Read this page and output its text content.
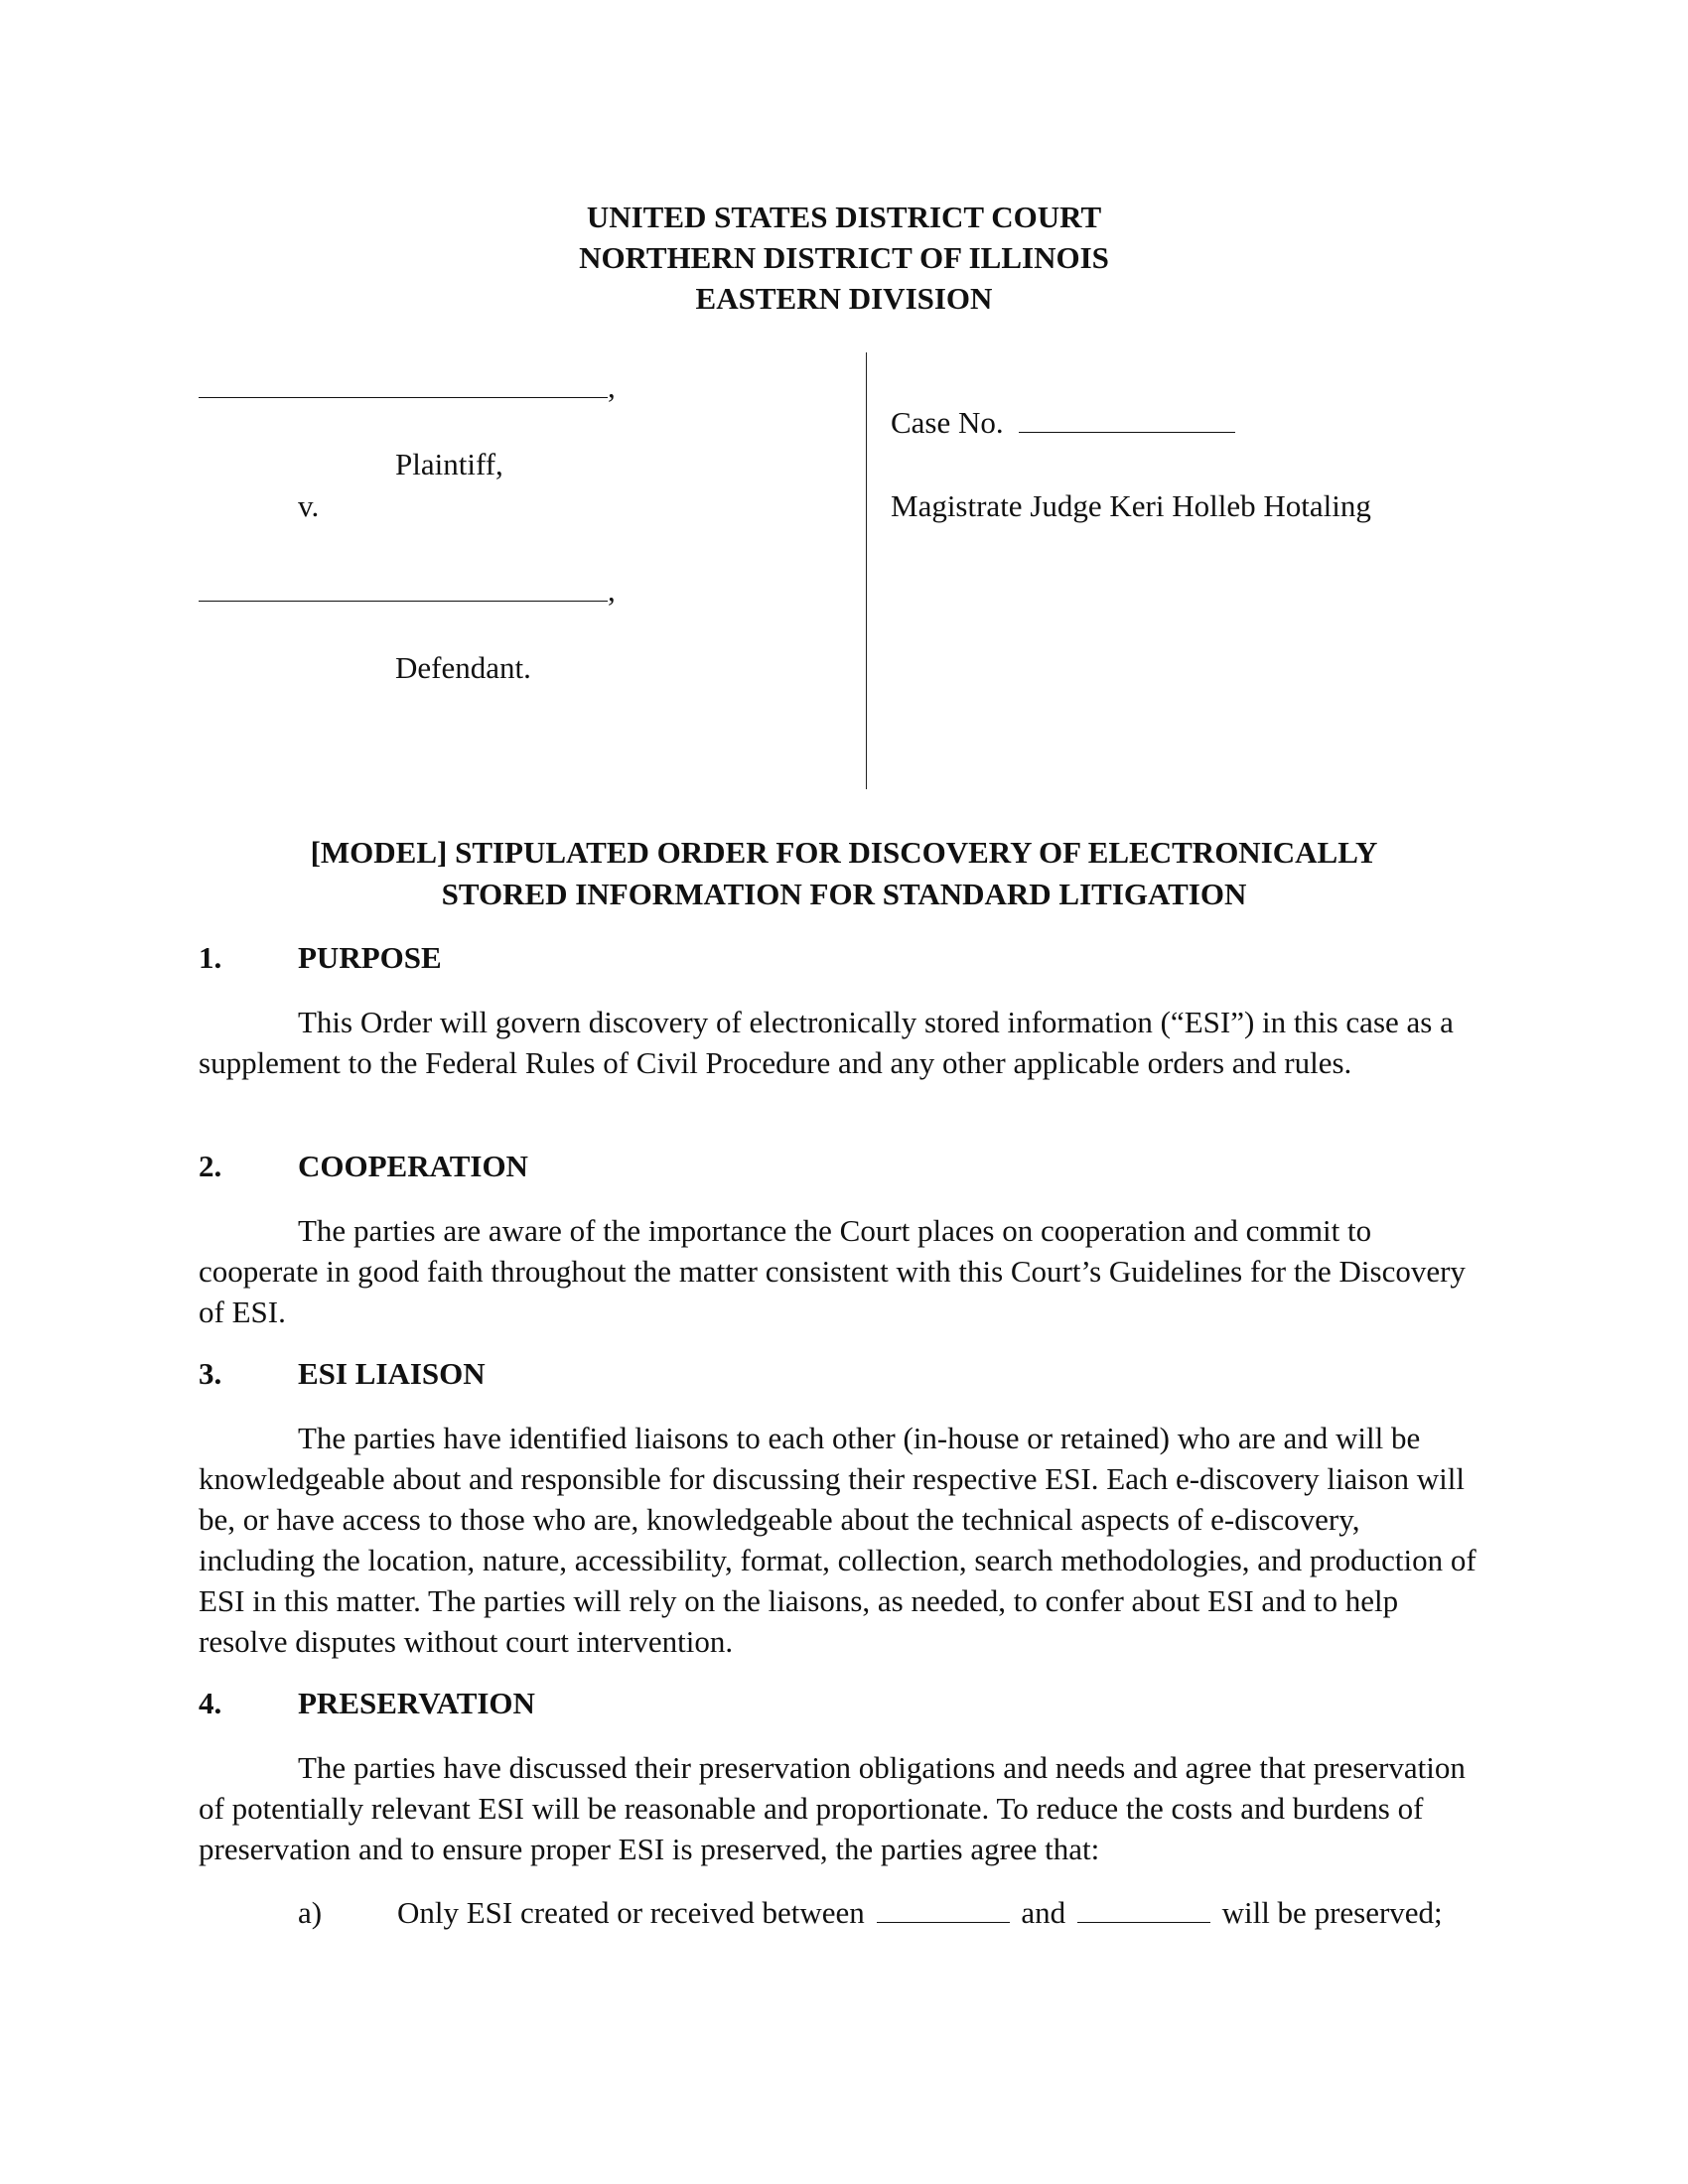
UNITED STATES DISTRICT COURT
NORTHERN DISTRICT OF ILLINOIS
EASTERN DIVISION
,
Plaintiff,
v.
,
Defendant.
Case No.
Magistrate Judge Keri Holleb Hotaling
[MODEL] STIPULATED ORDER FOR DISCOVERY OF ELECTRONICALLY
STORED INFORMATION FOR STANDARD LITIGATION
1. PURPOSE

This Order will govern discovery of electronically stored information (“ESI”) in this case as a supplement to the Federal Rules of Civil Procedure and any other applicable orders and rules.

2. COOPERATION

The parties are aware of the importance the Court places on cooperation and commit to cooperate in good faith throughout the matter consistent with this Court’s Guidelines for the Discovery of ESI.

3. ESI LIAISON

The parties have identified liaisons to each other (in-house or retained) who are and will be knowledgeable about and responsible for discussing their respective ESI. Each e-discovery liaison will be, or have access to those who are, knowledgeable about the technical aspects of e-discovery, including the location, nature, accessibility, format, collection, search methodologies, and production of ESI in this matter. The parties will rely on the liaisons, as needed, to confer about ESI and to help resolve disputes without court intervention.

4. PRESERVATION

The parties have discussed their preservation obligations and needs and agree that preservation of potentially relevant ESI will be reasonable and proportionate. To reduce the costs and burdens of preservation and to ensure proper ESI is preserved, the parties agree that:

a) Only ESI created or received between	and	will be preserved;
